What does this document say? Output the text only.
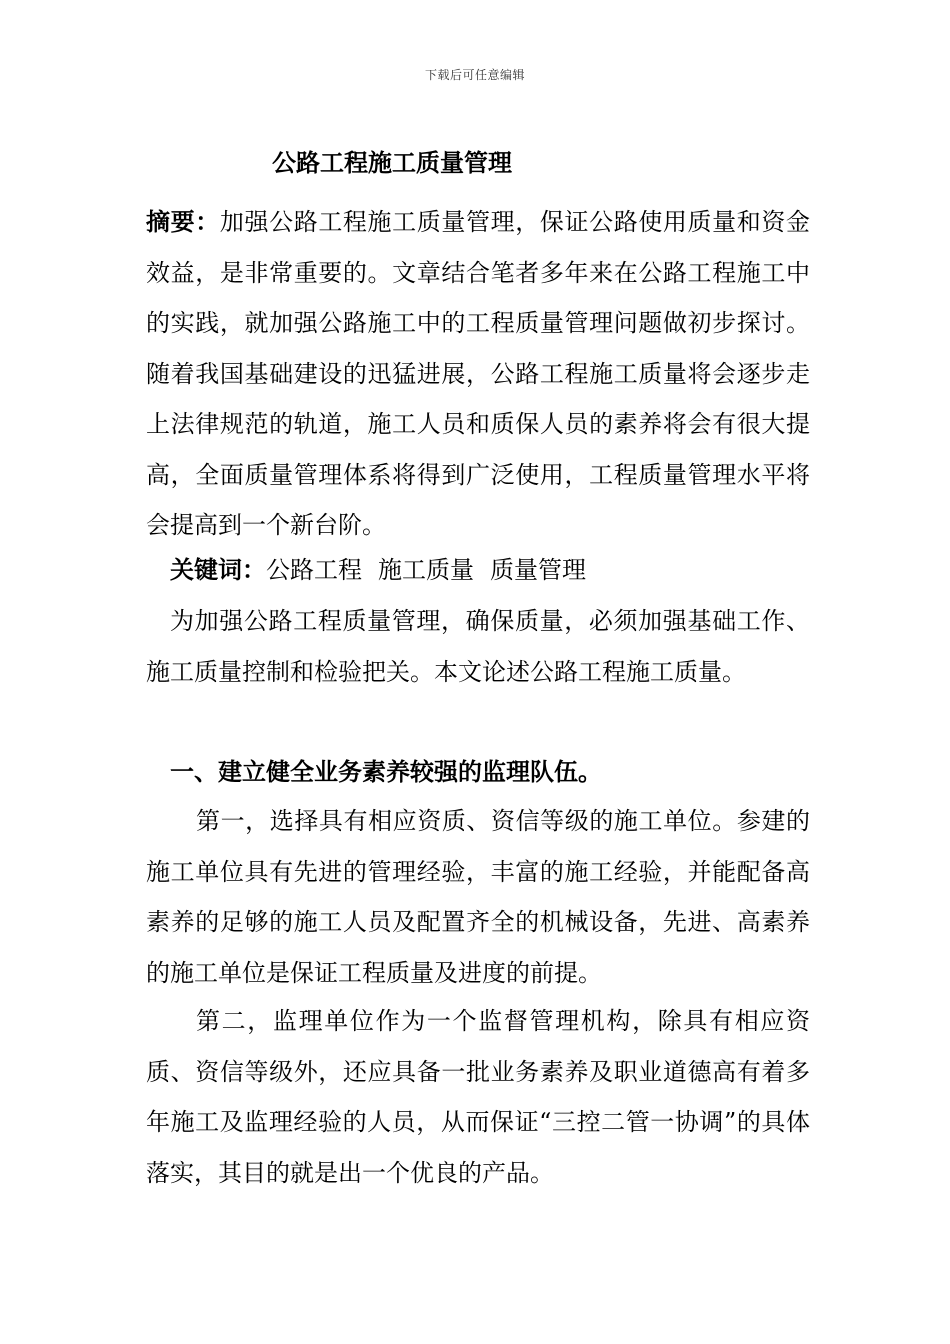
下载后可任意编辑
公路工程施工质量管理
摘要：加强公路工程施工质量管理，保证公路使用质量和资金效益，是非常重要的。文章结合笔者多年来在公路工程施工中的实践，就加强公路施工中的工程质量管理问题做初步探讨。随着我国基础建设的迅猛进展，公路工程施工质量将会逐步走上法律规范的轨道，施工人员和质保人员的素养将会有很大提高，全面质量管理体系将得到广泛使用，工程质量管理水平将会提高到一个新台阶。
关键词：公路工程 施工质量 质量管理
为加强公路工程质量管理，确保质量，必须加强基础工作、施工质量控制和检验把关。本文论述公路工程施工质量。
一、建立健全业务素养较强的监理队伍。
第一，选择具有相应资质、资信等级的施工单位。参建的施工单位具有先进的管理经验，丰富的施工经验，并能配备高素养的足够的施工人员及配置齐全的机械设备，先进、高素养的施工单位是保证工程质量及进度的前提。
第二，监理单位作为一个监督管理机构，除具有相应资质、资信等级外，还应具备一批业务素养及职业道德高有着多年施工及监理经验的人员，从而保证“三控二管一协调”的具体落实，其目的就是出一个优良的产品。
